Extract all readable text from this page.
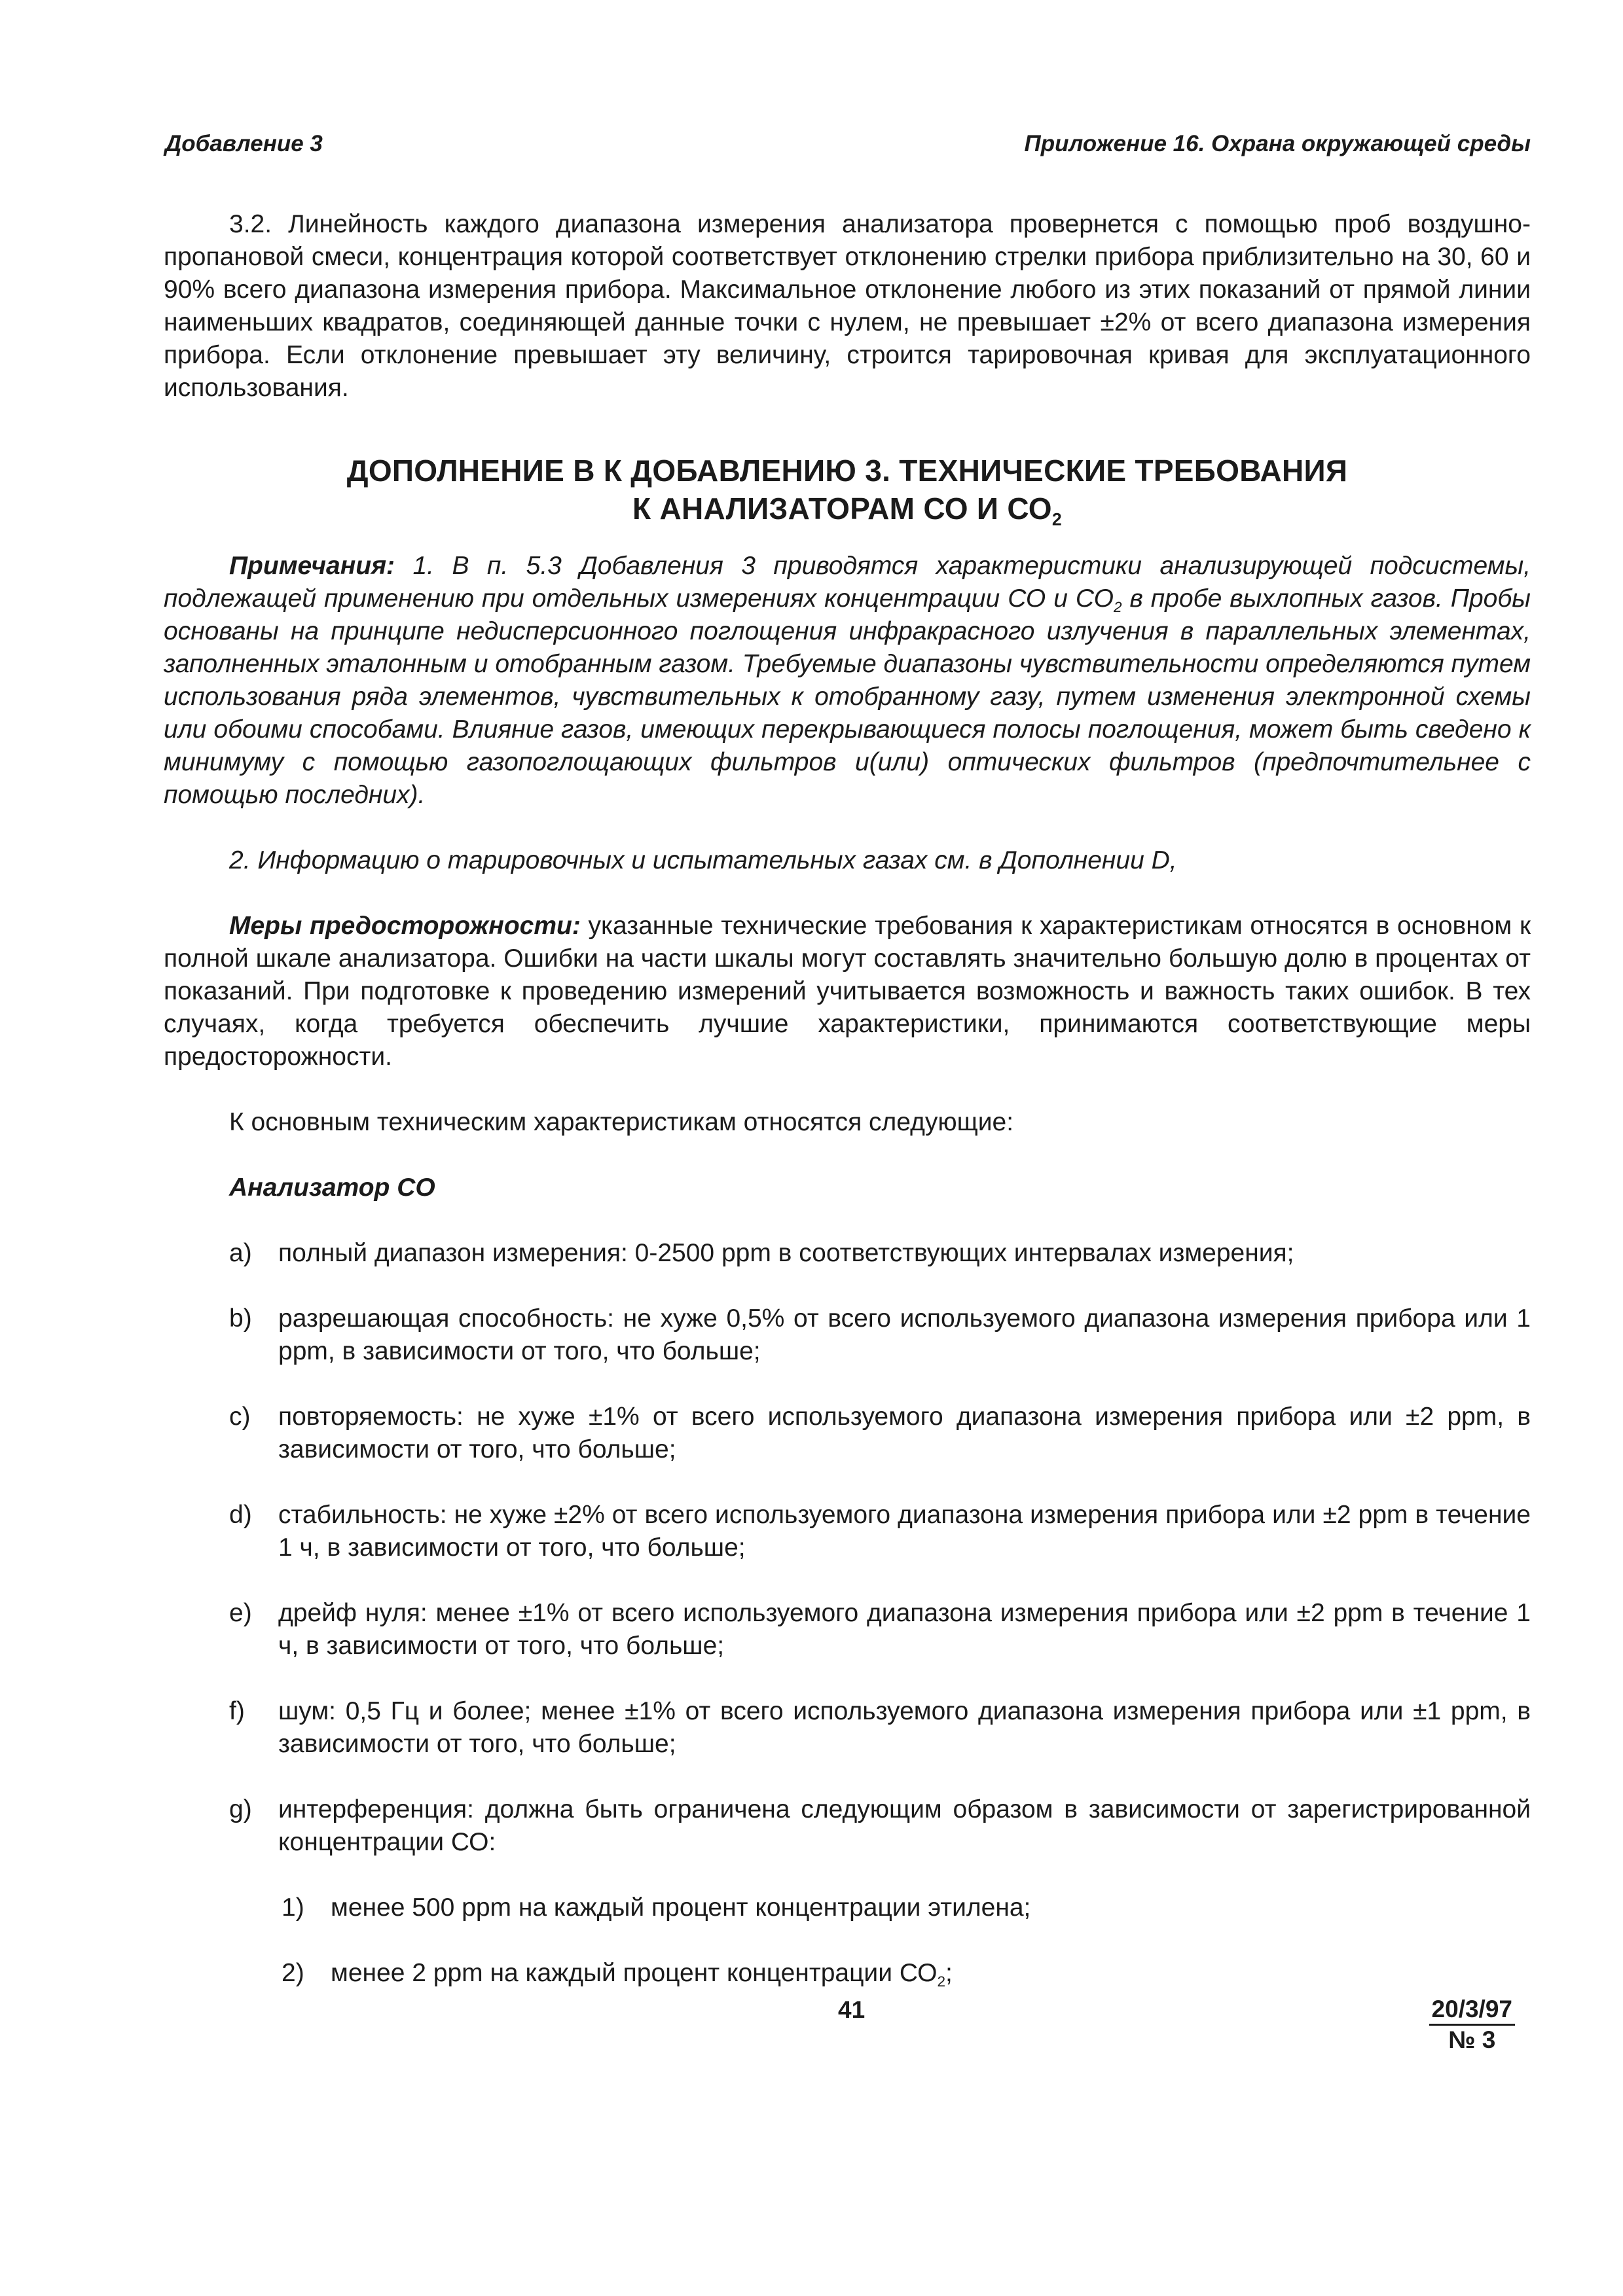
Добавление 3	Приложение 16. Охрана окружающей среды

3.2. Линейность каждого диапазона измерения анализатора провернется с помощью проб воздушно-пропановой смеси, концентрация которой соответствует отклонению стрелки прибора приблизительно на 30, 60 и 90% всего диапазона измерения прибора. Максимальное отклонение любого из этих показаний от прямой линии наименьших квадратов, соединяющей данные точки с нулем, не превышает ±2% от всего диапазона измерения прибора. Если отклонение превышает эту величину, строится тарировочная кривая для эксплуатационного использования.

ДОПОЛНЕНИЕ В К ДОБАВЛЕНИЮ 3. ТЕХНИЧЕСКИЕ ТРЕБОВАНИЯ
К АНАЛИЗАТОРАМ СО И $СО_2$

Примечания: 1. В п. 5.3 Добавления 3 приводятся характеристики анализирующей подсистемы, подлежащей применению при отдельных измерениях концентрации СО и $СО_2$ в пробе выхлопных газов. Пробы основаны на принципе недисперсионного поглощения инфракрасного излучения в параллельных элементах, заполненных эталонным и отобранным газом. Требуемые диапазоны чувствительности определяются путем использования ряда элементов, чувствительных к отобранному газу, путем изменения электронной схемы или обоими способами. Влияние газов, имеющих перекрывающиеся полосы поглощения, может быть сведено к минимуму с помощью газопоглощающих фильтров и(или) оптических фильтров (предпочтительнее с помощью последних).

2. Информацию о тарировочных и испытательных газах см. в Дополнении D,

Меры предосторожности: указанные технические требования к характеристикам относятся в основном к полной шкале анализатора. Ошибки на части шкалы могут составлять значительно большую долю в процентах от показаний. При подготовке к проведению измерений учитывается возможность и важность таких ошибок. В тех случаях, когда требуется обеспечить лучшие характеристики, принимаются соответствующие меры предосторожности.

К основным техническим характеристикам относятся следующие:

Анализатор СО

a) полный диапазон измерения: 0-2500 ppm в соответствующих интервалах измерения;
b) разрешающая способность: не хуже 0,5% от всего используемого диапазона измерения прибора или 1 ppm, в зависимости от того, что больше;
c) повторяемость: не хуже ±1% от всего используемого диапазона измерения прибора или ±2 ppm, в зависимости от того, что больше;
d) стабильность: не хуже ±2% от всего используемого диапазона измерения прибора или ±2 ppm в течение 1 ч, в зависимости от того, что больше;
e) дрейф нуля: менее ±1% от всего используемого диапазона измерения прибора или ±2 ppm в течение 1 ч, в зависимости от того, что больше;
f) шум: 0,5 Гц и более; менее ±1% от всего используемого диапазона измерения прибора или ±1 ppm, в зависимости от того, что больше;
g) интерференция: должна быть ограничена следующим образом в зависимости от зарегистрированной концентрации СО:
1) менее 500 ppm на каждый процент концентрации этилена;
2) менее 2 ppm на каждый процент концентрации $СО_2$;
41	20/3/97
№ 3
